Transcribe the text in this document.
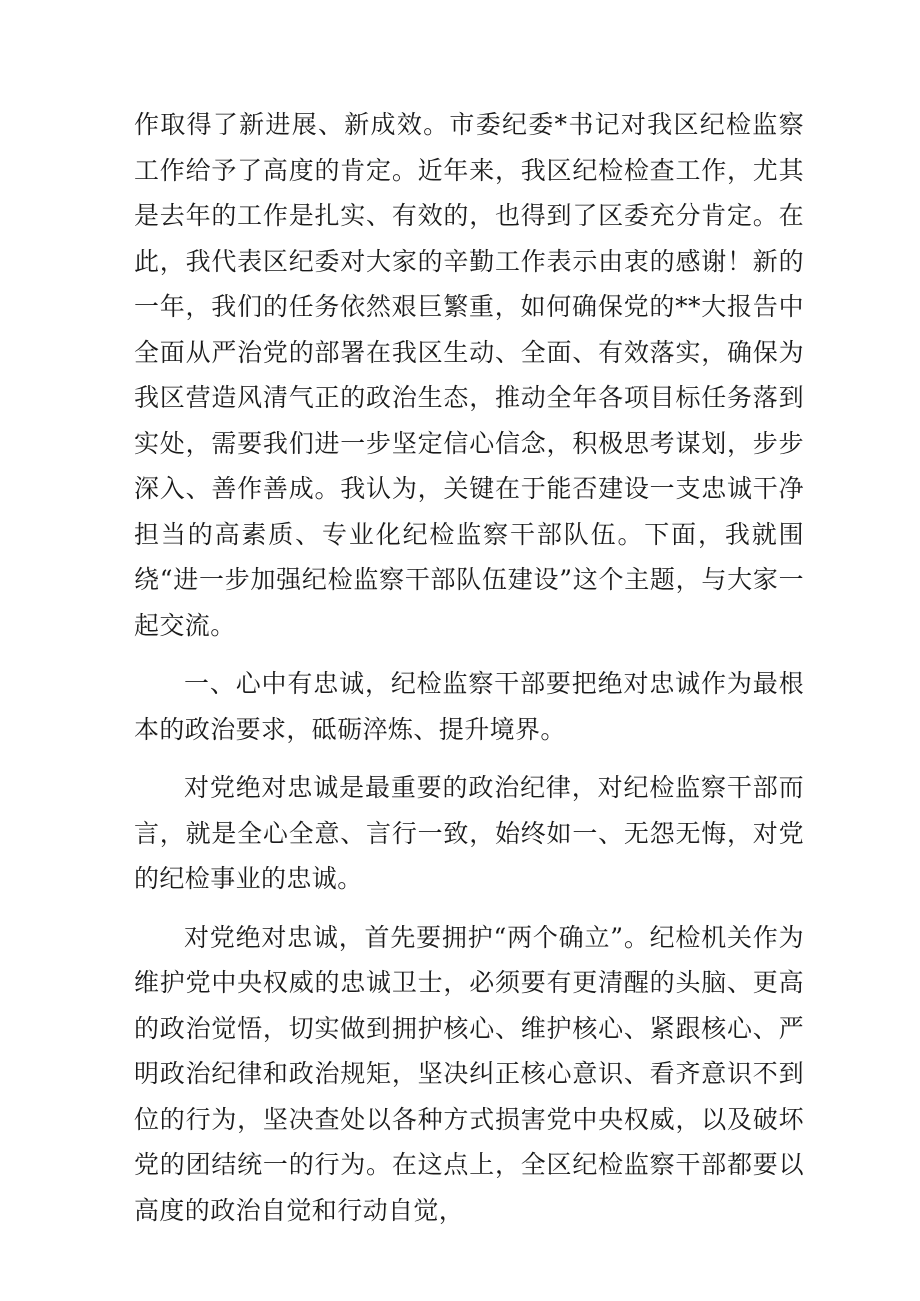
作取得了新进展、新成效。市委纪委*书记对我区纪检监察工作给予了高度的肯定。近年来，我区纪检检查工作，尤其是去年的工作是扎实、有效的，也得到了区委充分肯定。在此，我代表区纪委对大家的辛勤工作表示由衷的感谢！新的一年，我们的任务依然艰巨繁重，如何确保党的**大报告中全面从严治党的部署在我区生动、全面、有效落实，确保为我区营造风清气正的政治生态，推动全年各项目标任务落到实处，需要我们进一步坚定信心信念，积极思考谋划，步步深入、善作善成。我认为，关键在于能否建设一支忠诚干净担当的高素质、专业化纪检监察干部队伍。下面，我就围绕“进一步加强纪检监察干部队伍建设”这个主题，与大家一起交流。

一、心中有忠诚，纪检监察干部要把绝对忠诚作为最根本的政治要求，砥砺淬炼、提升境界。

对党绝对忠诚是最重要的政治纪律，对纪检监察干部而言，就是全心全意、言行一致，始终如一、无怨无悔，对党的纪检事业的忠诚。

对党绝对忠诚，首先要拥护“两个确立”。纪检机关作为维护党中央权威的忠诚卫士，必须要有更清醒的头脑、更高的政治觉悟，切实做到拥护核心、维护核心、紧跟核心、严明政治纪律和政治规矩，坚决纠正核心意识、看齐意识不到位的行为，坚决查处以各种方式损害党中央权威，以及破坏党的团结统一的行为。在这点上，全区纪检监察干部都要以高度的政治自觉和行动自觉，
